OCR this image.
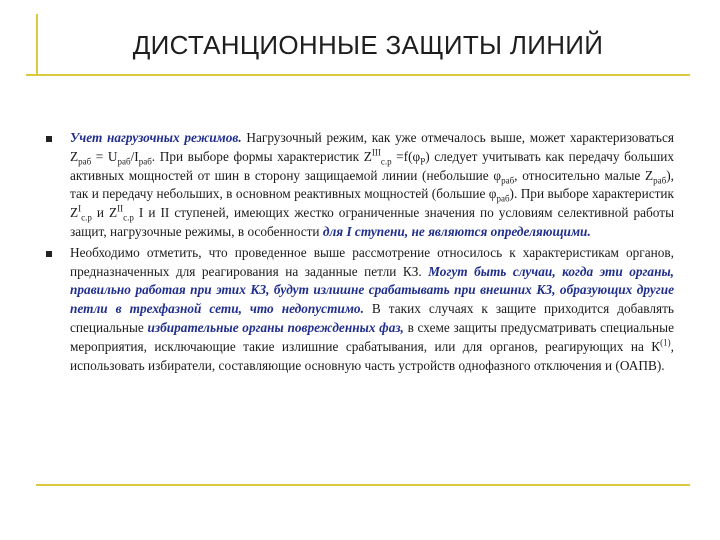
ДИСТАНЦИОННЫЕ ЗАЩИТЫ ЛИНИЙ
Учет нагрузочных режимов. Нагрузочный режим, как уже отмечалось выше, может характеризоваться $Z_{раб} = U_{раб}/I_{раб}$. При выборе формы характеристик $Z^{III}_{с.р} =f(\varphi_Р)$ следует учитывать как передачу больших активных мощностей от шин в сторону защищаемой линии (небольшие $\varphi_{раб}$, относительно малые $Z_{раб}$), так и передачу небольших, в основном реактивных мощностей (большие $\varphi_{раб}$). При выборе характеристик $Z^I_{с.р}$ и $Z^{II}_{с.р}$ I и II ступеней, имеющих жестко ограниченные значения по условиям селективной работы защит, нагрузочные режимы, в особенности для I ступени, не являются определяющими.
Необходимо отметить, что проведенное выше рассмотрение относилось к характеристикам органов, предназначенных для реагирования на заданные петли КЗ. Могут быть случаи, когда эти органы, правильно работая при этих КЗ, будут излишне срабатывать при внешних КЗ, образующих другие петли в трехфазной сети, что недопустимо. В таких случаях к защите приходится добавлять специальные избирательные органы поврежденных фаз, в схеме защиты предусматривать специальные мероприятия, исключающие такие излишние срабатывания, или для органов, реагирующих на $К^{(1)}$, использовать избиратели, составляющие основную часть устройств однофазного отключения и (ОАПВ).
